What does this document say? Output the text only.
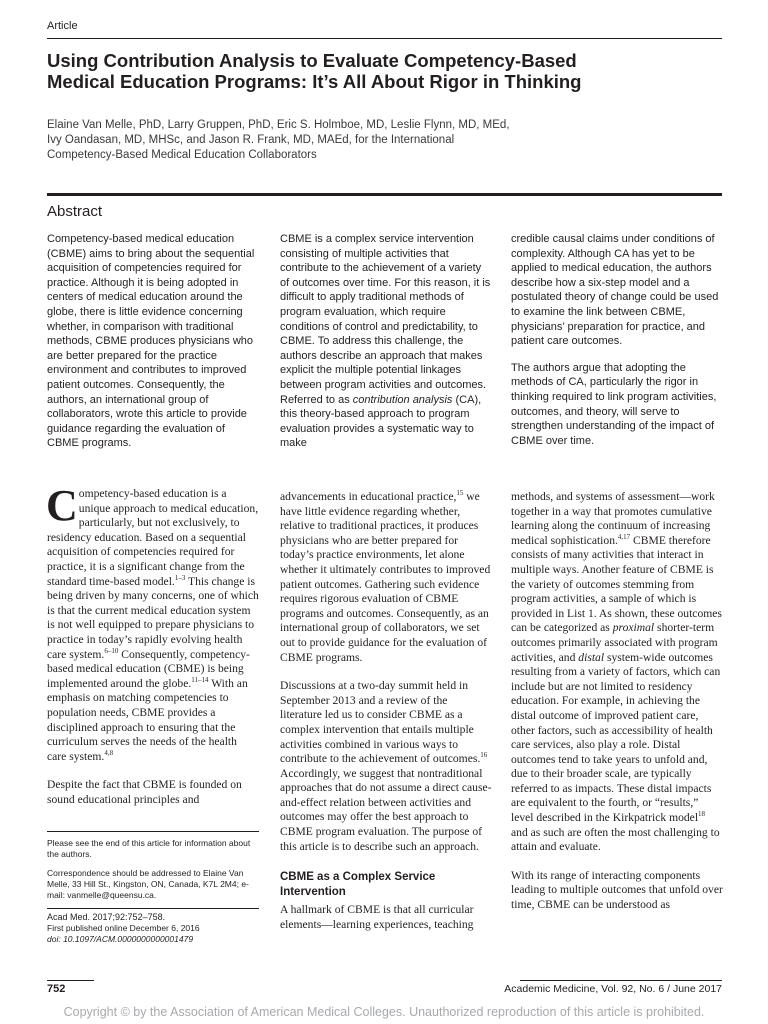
Article
Using Contribution Analysis to Evaluate Competency-Based Medical Education Programs: It’s All About Rigor in Thinking
Elaine Van Melle, PhD, Larry Gruppen, PhD, Eric S. Holmboe, MD, Leslie Flynn, MD, MEd, Ivy Oandasan, MD, MHSc, and Jason R. Frank, MD, MAEd, for the International Competency-Based Medical Education Collaborators
Abstract

Competency-based medical education (CBME) aims to bring about the sequential acquisition of competencies required for practice. Although it is being adopted in centers of medical education around the globe, there is little evidence concerning whether, in comparison with traditional methods, CBME produces physicians who are better prepared for the practice environment and contributes to improved patient outcomes. Consequently, the authors, an international group of collaborators, wrote this article to provide guidance regarding the evaluation of CBME programs.

CBME is a complex service intervention consisting of multiple activities that contribute to the achievement of a variety of outcomes over time. For this reason, it is difficult to apply traditional methods of program evaluation, which require conditions of control and predictability, to CBME. To address this challenge, the authors describe an approach that makes explicit the multiple potential linkages between program activities and outcomes. Referred to as contribution analysis (CA), this theory-based approach to program evaluation provides a systematic way to make

credible causal claims under conditions of complexity. Although CA has yet to be applied to medical education, the authors describe how a six-step model and a postulated theory of change could be used to examine the link between CBME, physicians’ preparation for practice, and patient care outcomes.

The authors argue that adopting the methods of CA, particularly the rigor in thinking required to link program activities, outcomes, and theory, will serve to strengthen understanding of the impact of CBME over time.

Competency-based education is a unique approach to medical education, particularly, but not exclusively, to residency education. Based on a sequential acquisition of competencies required for practice, it is a significant change from the standard time-based model.$^{1-3}$ This change is being driven by many concerns, one of which is that the current medical education system is not well equipped to prepare physicians to practice in today’s rapidly evolving health care system.$^{6-10}$ Consequently, competency-based medical education (CBME) is being implemented around the globe.$^{11-14}$ With an emphasis on matching competencies to population needs, CBME provides a disciplined approach to ensuring that the curriculum serves the needs of the health care system.$^{4,8}$

Despite the fact that CBME is founded on sound educational principles and

advancements in educational practice,$^{15}$ we have little evidence regarding whether, relative to traditional practices, it produces physicians who are better prepared for today’s practice environments, let alone whether it ultimately contributes to improved patient outcomes. Gathering such evidence requires rigorous evaluation of CBME programs and outcomes. Consequently, as an international group of collaborators, we set out to provide guidance for the evaluation of CBME programs.

Discussions at a two-day summit held in September 2013 and a review of the literature led us to consider CBME as a complex intervention that entails multiple activities combined in various ways to contribute to the achievement of outcomes.$^{16}$ Accordingly, we suggest that nontraditional approaches that do not assume a direct cause-and-effect relation between activities and outcomes may offer the best approach to CBME program evaluation. The purpose of this article is to describe such an approach.

CBME as a Complex Service Intervention

A hallmark of CBME is that all curricular elements—learning experiences, teaching

methods, and systems of assessment—work together in a way that promotes cumulative learning along the continuum of increasing medical sophistication.$^{4,17}$ CBME therefore consists of many activities that interact in multiple ways. Another feature of CBME is the variety of outcomes stemming from program activities, a sample of which is provided in List 1. As shown, these outcomes can be categorized as proximal shorter-term outcomes primarily associated with program activities, and distal system-wide outcomes resulting from a variety of factors, which can include but are not limited to residency education. For example, in achieving the distal outcome of improved patient care, other factors, such as accessibility of health care services, also play a role. Distal outcomes tend to take years to unfold and, due to their broader scale, are typically referred to as impacts. These distal impacts are equivalent to the fourth, or “results,” level described in the Kirkpatrick model$^{18}$ and as such are often the most challenging to attain and evaluate.

With its range of interacting components leading to multiple outcomes that unfold over time, CBME can be understood as

Please see the end of this article for information about the authors.
Correspondence should be addressed to Elaine Van Melle, 33 Hill St., Kingston, ON, Canada, K7L 2M4; e-mail: vanmelle@queensu.ca.
Acad Med. 2017;92:752–758.
First published online December 6, 2016
doi: 10.1097/ACM.0000000000001479
752	Academic Medicine, Vol. 92, No. 6 / June 2017
Copyright © by the Association of American Medical Colleges. Unauthorized reproduction of this article is prohibited.
